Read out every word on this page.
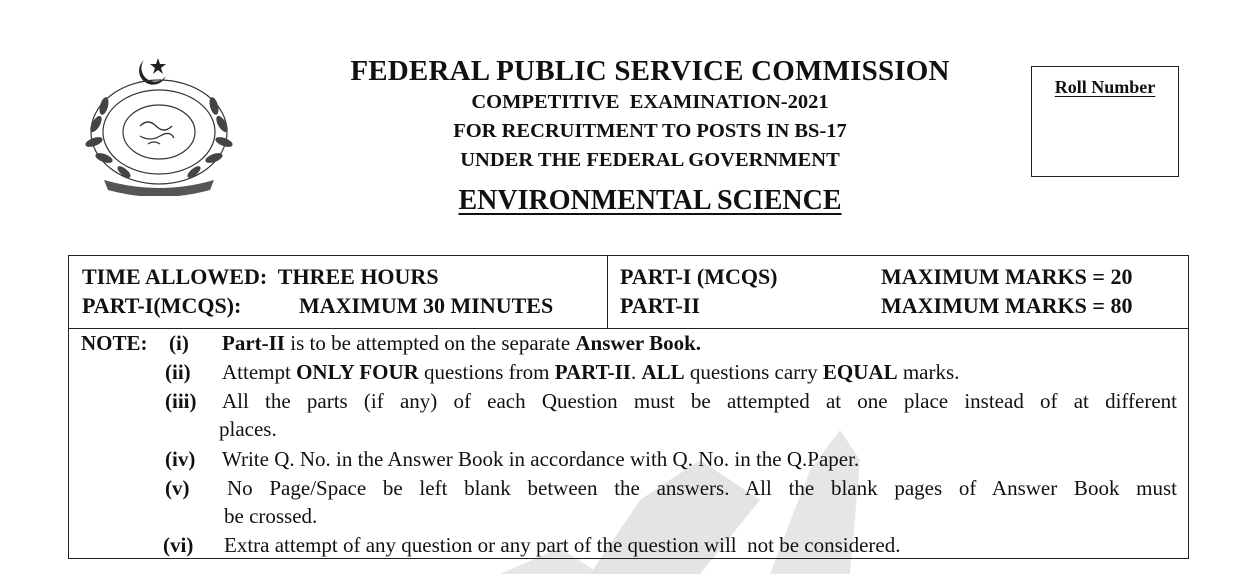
FEDERAL PUBLIC SERVICE COMMISSION
COMPETITIVE  EXAMINATION-2021
FOR RECRUITMENT TO POSTS IN BS-17
UNDER THE FEDERAL GOVERNMENT
ENVIRONMENTAL SCIENCE
Roll Number
TIME ALLOWED:  THREE HOURS
PART-I(MCQS):	MAXIMUM 30 MINUTES
PART-I (MCQS)
PART-II
MAXIMUM MARKS = 20
MAXIMUM MARKS = 80
NOTE: (i) Part-II is to be attempted on the separate Answer Book.
(ii) Attempt ONLY FOUR questions from PART-II. ALL questions carry EQUAL marks.
(iii) All the parts (if any) of each Question must be attempted at one place instead of at different
places.
(iv) Write Q. No. in the Answer Book in accordance with Q. No. in the Q.Paper.
(v) No Page/Space be left blank between the answers. All the blank pages of Answer Book must
be crossed.
(vi) Extra attempt of any question or any part of the question will  not be considered.
